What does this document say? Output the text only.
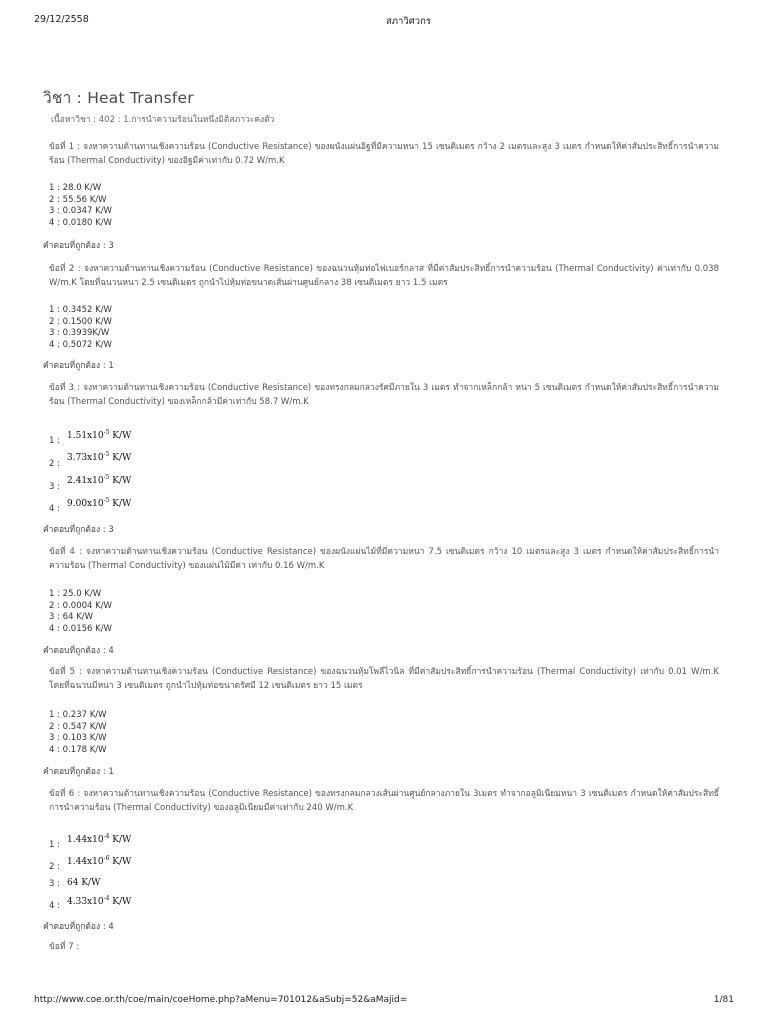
29/12/2558	สภาวิศวกร
วิชา : Heat Transfer
เนื้อหาวิชา : 402 : 1.การนำความร้อนในหนึ่งมิติสภาวะคงตัว
ข้อที่ 1 : จงหาความต้านทานเชิงความร้อน (Conductive Resistance) ของผนังแผ่นอิฐที่มีความหนา 15 เซนติเมตร กว้าง 2 เมตรและสูง 3 เมตร กำหนดให้ค่าสัมประสิทธิ์การนำความร้อน (Thermal Conductivity) ของอิฐมีค่าเท่ากับ 0.72 W/m.K
1 : 28.0 K/W
2 : 55.56 K/W
3 : 0.0347 K/W
4 : 0.0180 K/W
คำตอบที่ถูกต้อง : 3
ข้อที่ 2 : จงหาความต้านทานเชิงความร้อน (Conductive Resistance) ของฉนวนหุ้มท่อไฟเบอร์กลาส ที่มีค่าสัมประสิทธิ์การนำความร้อน (Thermal Conductivity) ค่าเท่ากับ 0.038 W/m.K โดยที่ฉนวนหนา 2.5 เซนติเมตร ถูกนำไปหุ้มท่อขนาดเส้นผ่านศูนย์กลาง 38 เซนติเมตร ยาว 1.5 เมตร
1 : 0.3452 K/W
2 : 0.1500 K/W
3 : 0.3939K/W
4 : 0.5072 K/W
คำตอบที่ถูกต้อง : 1
ข้อที่ 3 : จงหาความต้านทานเชิงความร้อน (Conductive Resistance) ของทรงกลมกลวงรัศมีภายใน 3 เมตร ทำจากเหล็กกล้า หนา 5 เซนติเมตร กำหนดให้ค่าสัมประสิทธิ์การนำความร้อน (Thermal Conductivity) ของเหล็กกล้ามีค่าเท่ากับ 58.7 W/m.K
1 : $1.51x10^{-5}$ K/W
2 :
$3.73x10^{-5}$ K/W
3 :
$2.41x10^{-5}$ K/W
4 : $9.00x10^{-5}$ K/W
คำตอบที่ถูกต้อง : 3
ข้อที่ 4 : จงหาความต้านทานเชิงความร้อน (Conductive Resistance) ของผนังแผ่นไม้ที่มีความหนา 7.5 เซนติเมตร กว้าง 10 เมตรและสูง 3 เมตร กำหนดให้ค่าสัมประสิทธิ์การนำความร้อน (Thermal Conductivity) ของแผ่นไม้มีค่า เท่ากับ 0.16 W/m.K
1 : 25.0 K/W
2 : 0.0004 K/W
3 : 64 K/W
4 : 0.0156 K/W
คำตอบที่ถูกต้อง : 4
ข้อที่ 5 : จงหาความต้านทานเชิงความร้อน (Conductive Resistance) ของฉนวนหุ้มโพลีไวนิล ที่มีค่าสัมประสิทธิ์การนำความร้อน (Thermal Conductivity) เท่ากับ 0.01 W/m.K โดยที่ฉนวนมีหนา 3 เซนติเมตร ถูกนำไปหุ้มท่อขนาดรัศมี 12 เซนติเมตร ยาว 15 เมตร
1 : 0.237 K/W
2 : 0.547 K/W
3 : 0.103 K/W
4 : 0.178 K/W
คำตอบที่ถูกต้อง : 1
ข้อที่ 6 : จงหาความต้านทานเชิงความร้อน (Conductive Resistance) ของทรงกลมกลวงเส้นผ่านศูนย์กลางภายใน 3เมตร ทำจากอลูมิเนียมหนา 3 เซนติเมตร กำหนดให้ค่าสัมประสิทธิ์การนำความร้อน (Thermal Conductivity) ของอลูมิเนียมมีค่าเท่ากับ 240 W/m.K
1 : $1.44x10^{-4}$ K/W
2 : $1.44x10^{-6}$ K/W
3 : 64 K/W
4 : $4.33x10^{-4}$ K/W
คำตอบที่ถูกต้อง : 4
ข้อที่ 7 :
http://www.coe.or.th/coe/main/coeHome.php?aMenu=701012&aSubj=52&aMajid=	1/81
